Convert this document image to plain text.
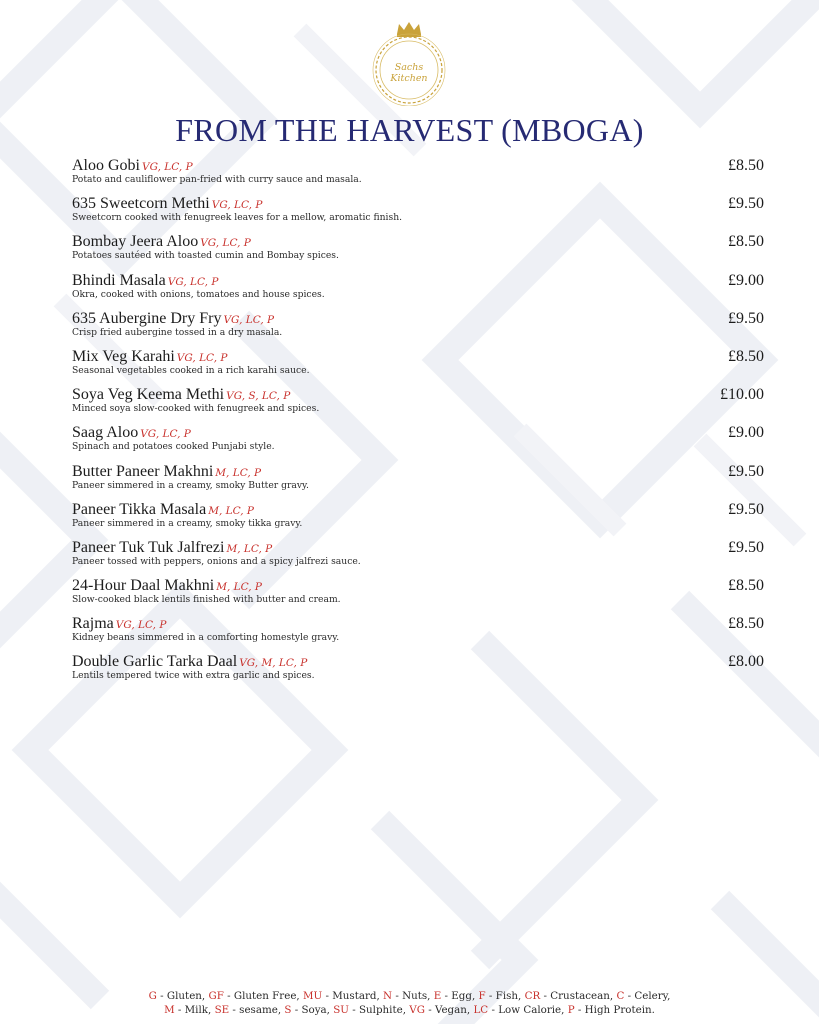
Sachs
Kitchen
FROM THE HARVEST (MBOGA)
Aloo Gobi VG, LC, P
Potato and cauliflower pan-fried with curry sauce and masala.
£8.50
635 Sweetcorn Methi VG, LC, P
Sweetcorn cooked with fenugreek leaves for a mellow, aromatic finish.
£9.50
Bombay Jeera Aloo VG, LC, P
Potatoes sautéed with toasted cumin and Bombay spices.
£8.50
Bhindi Masala VG, LC, P
Okra, cooked with onions, tomatoes and house spices.
£9.00
635 Aubergine Dry Fry VG, LC, P
Crisp fried aubergine tossed in a dry masala.
£9.50
Mix Veg Karahi VG, LC, P
Seasonal vegetables cooked in a rich karahi sauce.
£8.50
Soya Veg Keema Methi VG, S, LC, P
Minced soya slow-cooked with fenugreek and spices.
£10.00
Saag Aloo VG, LC, P
Spinach and potatoes cooked Punjabi style.
£9.00
Butter Paneer Makhni M, LC, P
Paneer simmered in a creamy, smoky Butter gravy.
£9.50
Paneer Tikka Masala M, LC, P
Paneer simmered in a creamy, smoky tikka gravy.
£9.50
Paneer Tuk Tuk Jalfrezi M, LC, P
Paneer tossed with peppers, onions and a spicy jalfrezi sauce.
£9.50
24-Hour Daal Makhni M, LC, P
Slow-cooked black lentils finished with butter and cream.
£8.50
Rajma VG, LC, P
Kidney beans simmered in a comforting homestyle gravy.
£8.50
Double Garlic Tarka Daal VG, M, LC, P
Lentils tempered twice with extra garlic and spices.
£8.00
G - Gluten, GF - Gluten Free, MU - Mustard, N - Nuts, E - Egg, F - Fish, CR - Crustacean, C - Celery,
M - Milk, SE - sesame, S - Soya, SU - Sulphite, VG - Vegan, LC - Low Calorie, P - High Protein.
